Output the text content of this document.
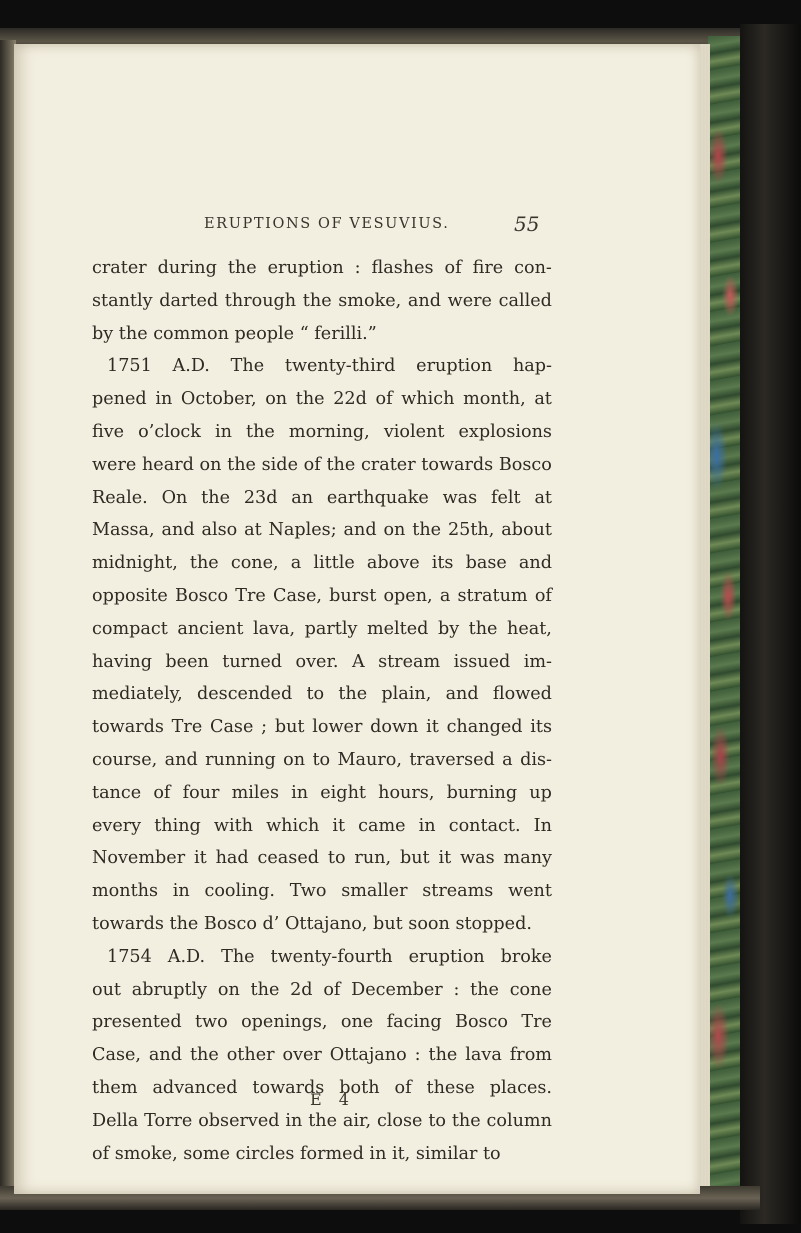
ERUPTIONS OF VESUVIUS.	55
crater during the eruption : flashes of fire con-
stantly darted through the smoke, and were called
by the common people “ ferilli.”
1751 A.D. The twenty-third eruption hap-
pened in October, on the 22d of which month, at
five o’clock in the morning, violent explosions
were heard on the side of the crater towards Bosco
Reale. On the 23d an earthquake was felt at
Massa, and also at Naples; and on the 25th, about
midnight, the cone, a little above its base and
opposite Bosco Tre Case, burst open, a stratum of
compact ancient lava, partly melted by the heat,
having been turned over. A stream issued im-
mediately, descended to the plain, and flowed
towards Tre Case ; but lower down it changed its
course, and running on to Mauro, traversed a dis-
tance of four miles in eight hours, burning up
every thing with which it came in contact. In
November it had ceased to run, but it was many
months in cooling. Two smaller streams went
towards the Bosco d’ Ottajano, but soon stopped.
1754 A.D. The twenty-fourth eruption broke
out abruptly on the 2d of December : the cone
presented two openings, one facing Bosco Tre
Case, and the other over Ottajano : the lava from
them advanced towards both of these places.
Della Torre observed in the air, close to the column
of smoke, some circles formed in it, similar to
E 4
